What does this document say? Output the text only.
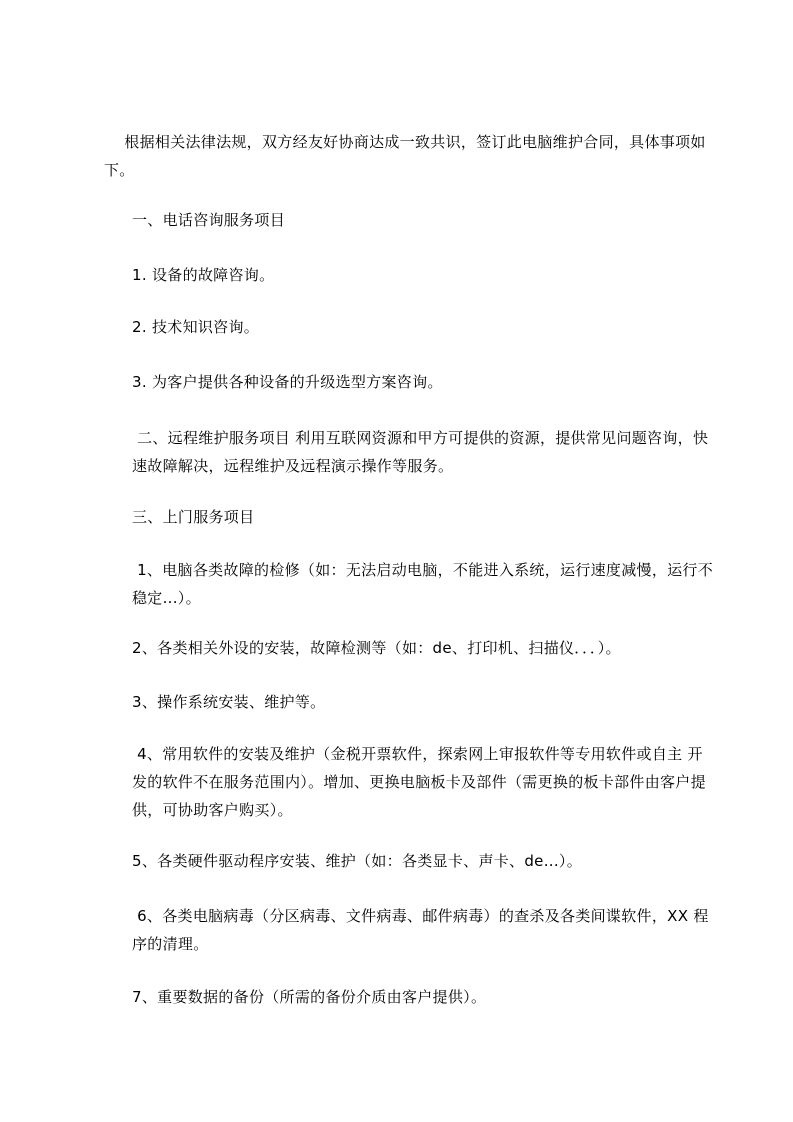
根据相关法律法规，双方经友好协商达成一致共识，签订此电脑维护合同，具体事项如下。
一、电话咨询服务项目
1. 设备的故障咨询。
2. 技术知识咨询。
3. 为客户提供各种设备的升级选型方案咨询。
二、远程维护服务项目 利用互联网资源和甲方可提供的资源，提供常见问题咨询，快速故障解决，远程维护及远程演示操作等服务。
三、上门服务项目
1、电脑各类故障的检修（如：无法启动电脑，不能进入系统，运行速度减慢，运行不稳定...）。
2、各类相关外设的安装，故障检测等（如：de、打印机、扫描仪．．．）。
3、操作系统安装、维护等。
4、常用软件的安装及维护（金税开票软件，探索网上审报软件等专用软件或自主 开发的软件不在服务范围内）。增加、更换电脑板卡及部件（需更换的板卡部件由客户提供，可协助客户购买）。
5、各类硬件驱动程序安装、维护（如：各类显卡、声卡、de...）。
6、各类电脑病毒（分区病毒、文件病毒、邮件病毒）的查杀及各类间谍软件，XX 程序的清理。
7、重要数据的备份（所需的备份介质由客户提供）。
